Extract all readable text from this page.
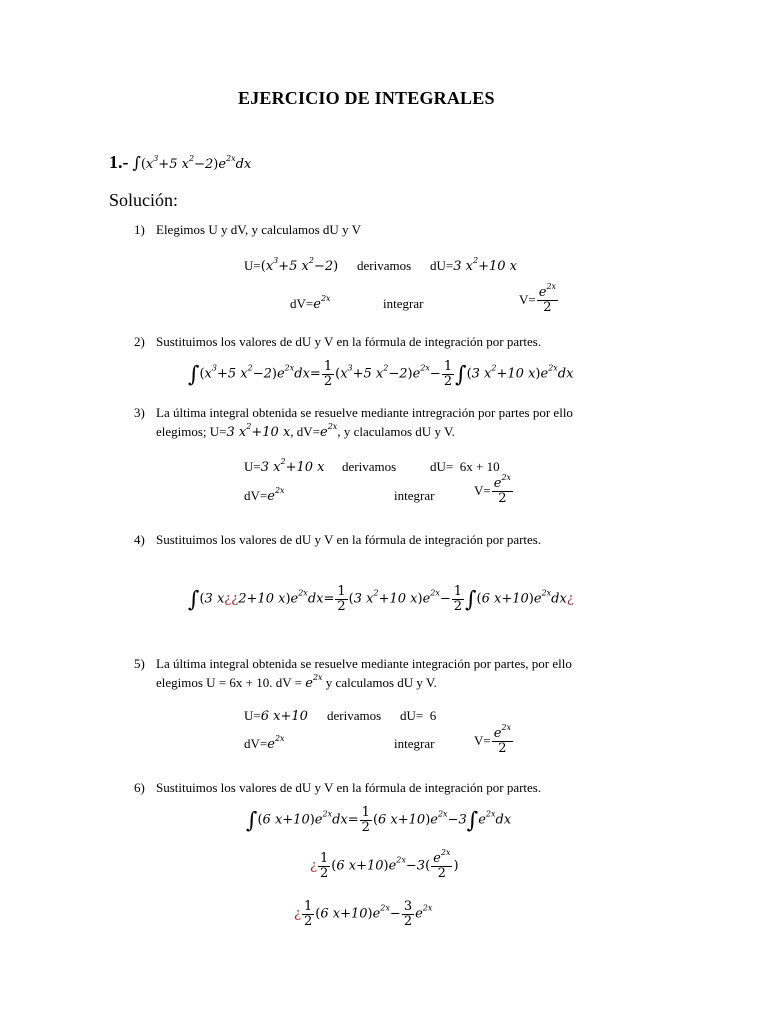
EJERCICIO DE INTEGRALES
1.- $\int(x^3+5$ $x^2-2)e^{2x}dx$
Solución:
1) Elegimos U y dV, y calculamos dU y V
$U=(x^3+5$ $x^2-2$) derivamos dU=3 $x^2+10$ x
$dV=e^{2x}$	integrar	$V= \frac{e^{2x}}{2}$
2) Sustituimos los valores de dU y V en la fórmula de integración por partes.
$\int(x^3+5$ $x^2-2)e^{2x}dx= \frac{1}{2} (x^3+5$ $x^2-2)e^{2x}- \frac{1}{2} \int(3$ $x^2+10$ $x)e^{2x}dx$
3) La última integral obtenida se resuelve mediante intregración por partes por ello
elegimos; U=3 $x^2+10$ x, $dV=e^{2x}$, y claculamos dU y V.
U=3 $x^2+10$ x derivamos	dU= 6x + 10
$dV=e^{2x}$	integrar	$V= \frac{e^{2x}}{2}$
4) Sustituimos los valores de dU y V en la fórmula de integración por partes.
∫(3 x¿¿2+10 $x)e^{2x}dx= \frac{1}{2} (3$ $x^2+10$ $x)e^{2x}- \frac{1}{2} \int(6$ $x+10)e^{2x}dx¿$
5) La última integral obtenida se resuelve mediante integración por partes, por ello
elegimos U = 6x + 10. dV = $e^{2x}$ y calculamos dU y V.
U=6 x+10 derivamos dU= 6
$dV=e^{2x}$	integrar	$V= \frac{e^{2x}}{2}$
6) Sustituimos los valores de dU y V en la fórmula de integración por partes.
∫(6 $x+10)e^{2x}dx= \frac{1}{2} (6$ $x+10)e^{2x}-3\int e^{2x}dx$
¿ $\frac{1}{2} (6$ $x+10)e^{2x}-3( \frac{e^{2x}}{2}$ )
¿ $\frac{1}{2} (6$ $x+10)e^{2x}- \frac{3}{2} e^{2x}$
